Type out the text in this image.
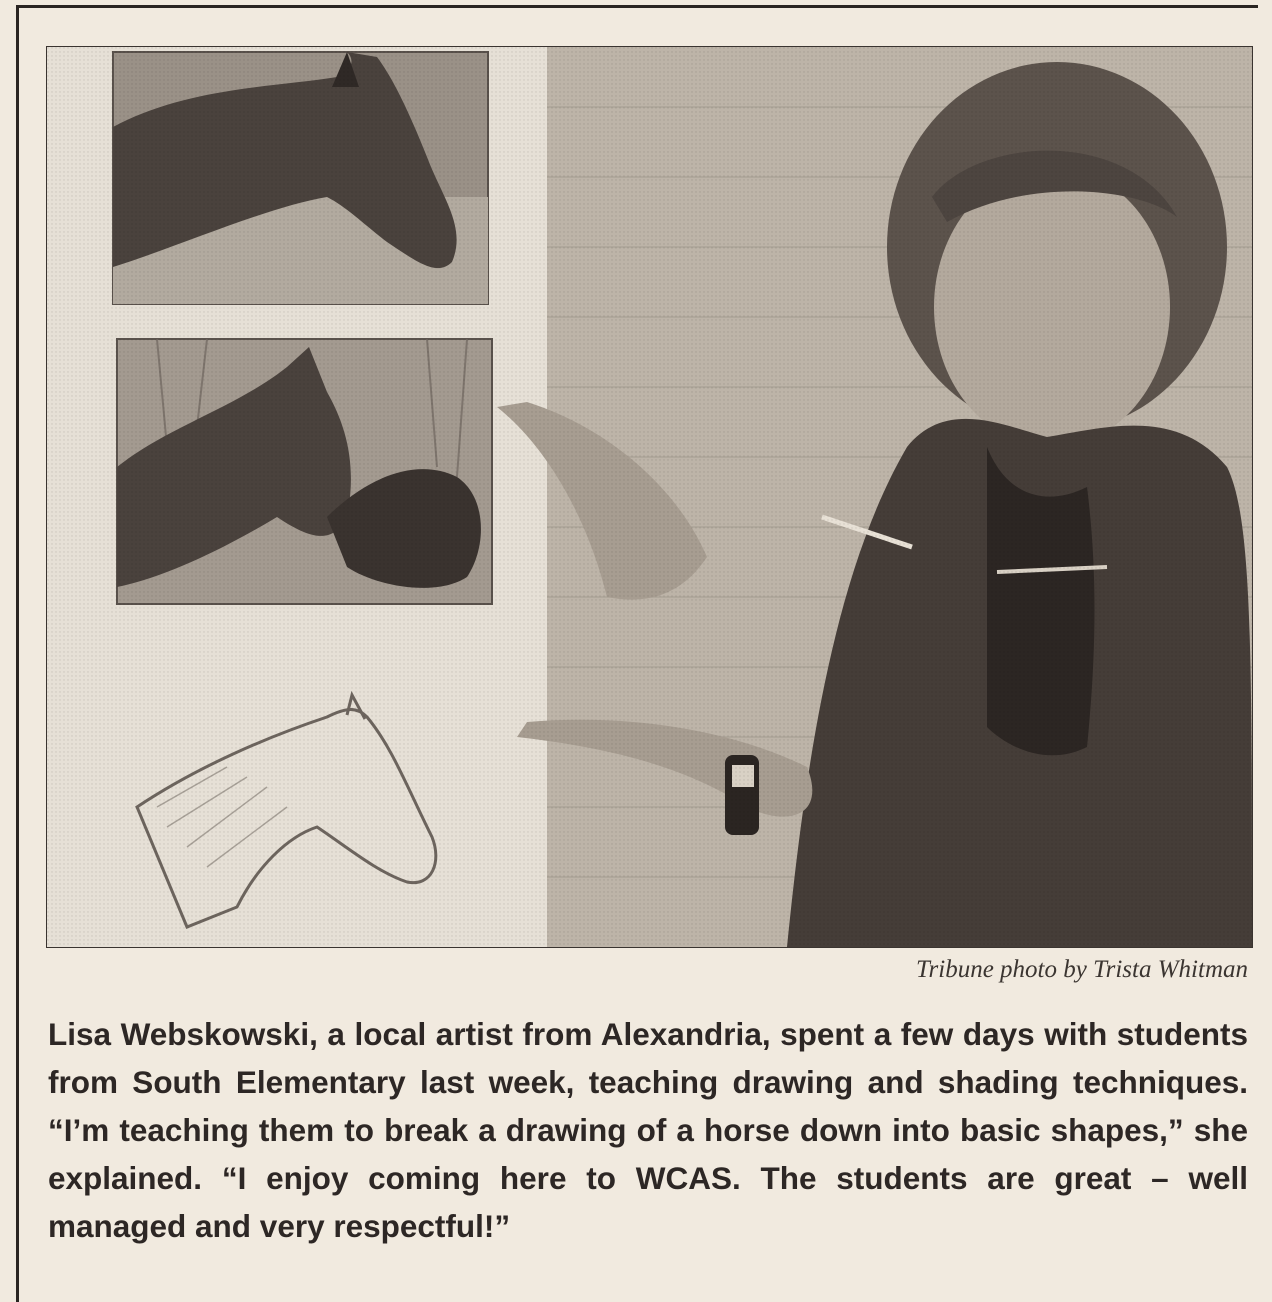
Tribune photo by Trista Whitman
Lisa Webskowski, a local artist from Alexandria, spent a few days with students from South Elementary last week, teaching drawing and shading techniques. “I’m teaching them to break a drawing of a horse down into basic shapes,” she explained. “I enjoy coming here to WCAS. The students are great – well managed and very respectful!”
